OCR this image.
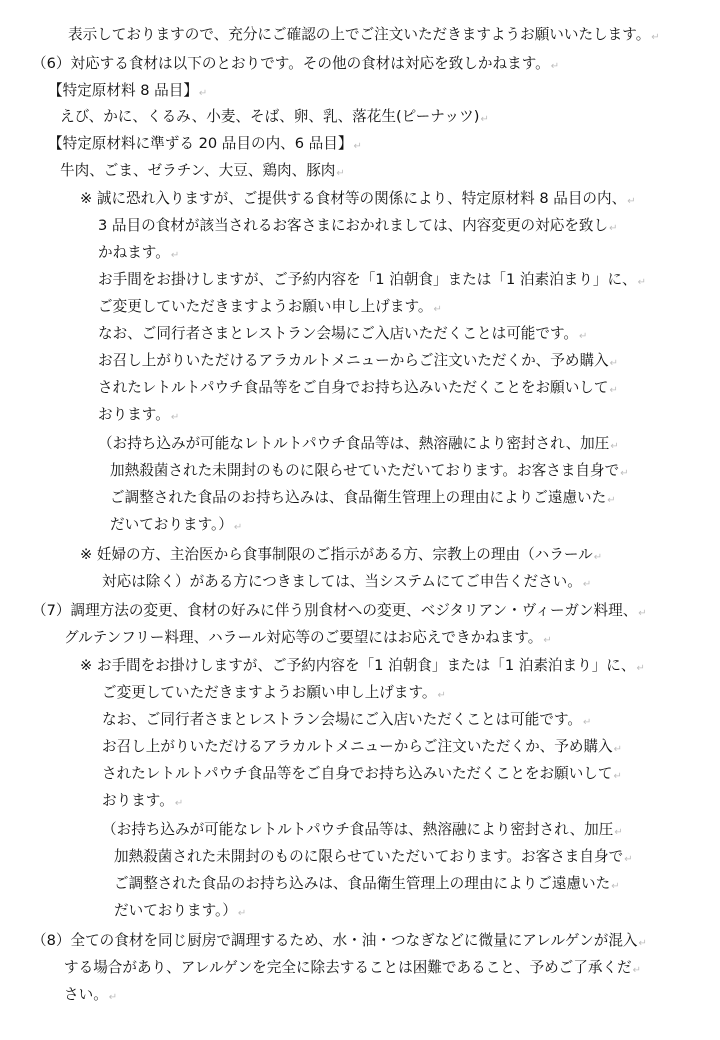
表示しておりますので、充分にご確認の上でご注文いただきますようお願いいたします。 ↵
（6）対応する食材は以下のとおりです。その他の食材は対応を致しかねます。 ↵
【特定原材料 8 品目】 ↵
えび、かに、くるみ、小麦、そば、卵、乳、落花生(ピーナッツ) ↵
【特定原材料に準ずる 20 品目の内、6 品目】 ↵
牛肉、ごま、ゼラチン、大豆、鶏肉、豚肉 ↵
※ 誠に恐れ入りますが、ご提供する食材等の関係により、特定原材料 8 品目の内、 ↵
3 品目の食材が該当されるお客さまにおかれましては、内容変更の対応を致し ↵
かねます。 ↵
お手間をお掛けしますが、ご予約内容を「1 泊朝食」または「1 泊素泊まり」に、 ↵
ご変更していただきますようお願い申し上げます。 ↵
なお、ご同行者さまとレストラン会場にご入店いただくことは可能です。 ↵
お召し上がりいただけるアラカルトメニューからご注文いただくか、予め購入 ↵
されたレトルトパウチ食品等をご自身でお持ち込みいただくことをお願いして ↵
おります。 ↵
（お持ち込みが可能なレトルトパウチ食品等は、熱溶融により密封され、加圧 ↵
加熱殺菌された未開封のものに限らせていただいております。お客さま自身で ↵
ご調整された食品のお持ち込みは、食品衛生管理上の理由によりご遠慮いた ↵
だいております。） ↵
※ 妊婦の方、主治医から食事制限のご指示がある方、宗教上の理由（ハラール ↵
対応は除く）がある方につきましては、当システムにてご申告ください。 ↵
（7）調理方法の変更、食材の好みに伴う別食材への変更、ベジタリアン・ヴィーガン料理、 ↵
グルテンフリー料理、ハラール対応等のご要望にはお応えできかねます。 ↵
※ お手間をお掛けしますが、ご予約内容を「1 泊朝食」または「1 泊素泊まり」に、 ↵
ご変更していただきますようお願い申し上げます。 ↵
なお、ご同行者さまとレストラン会場にご入店いただくことは可能です。 ↵
お召し上がりいただけるアラカルトメニューからご注文いただくか、予め購入 ↵
されたレトルトパウチ食品等をご自身でお持ち込みいただくことをお願いして ↵
おります。 ↵
（お持ち込みが可能なレトルトパウチ食品等は、熱溶融により密封され、加圧 ↵
加熱殺菌された未開封のものに限らせていただいております。お客さま自身で ↵
ご調整された食品のお持ち込みは、食品衛生管理上の理由によりご遠慮いた ↵
だいております。） ↵
（8）全ての食材を同じ厨房で調理するため、水・油・つなぎなどに微量にアレルゲンが混入 ↵
する場合があり、アレルゲンを完全に除去することは困難であること、予めご了承くだ ↵
さい。 ↵
